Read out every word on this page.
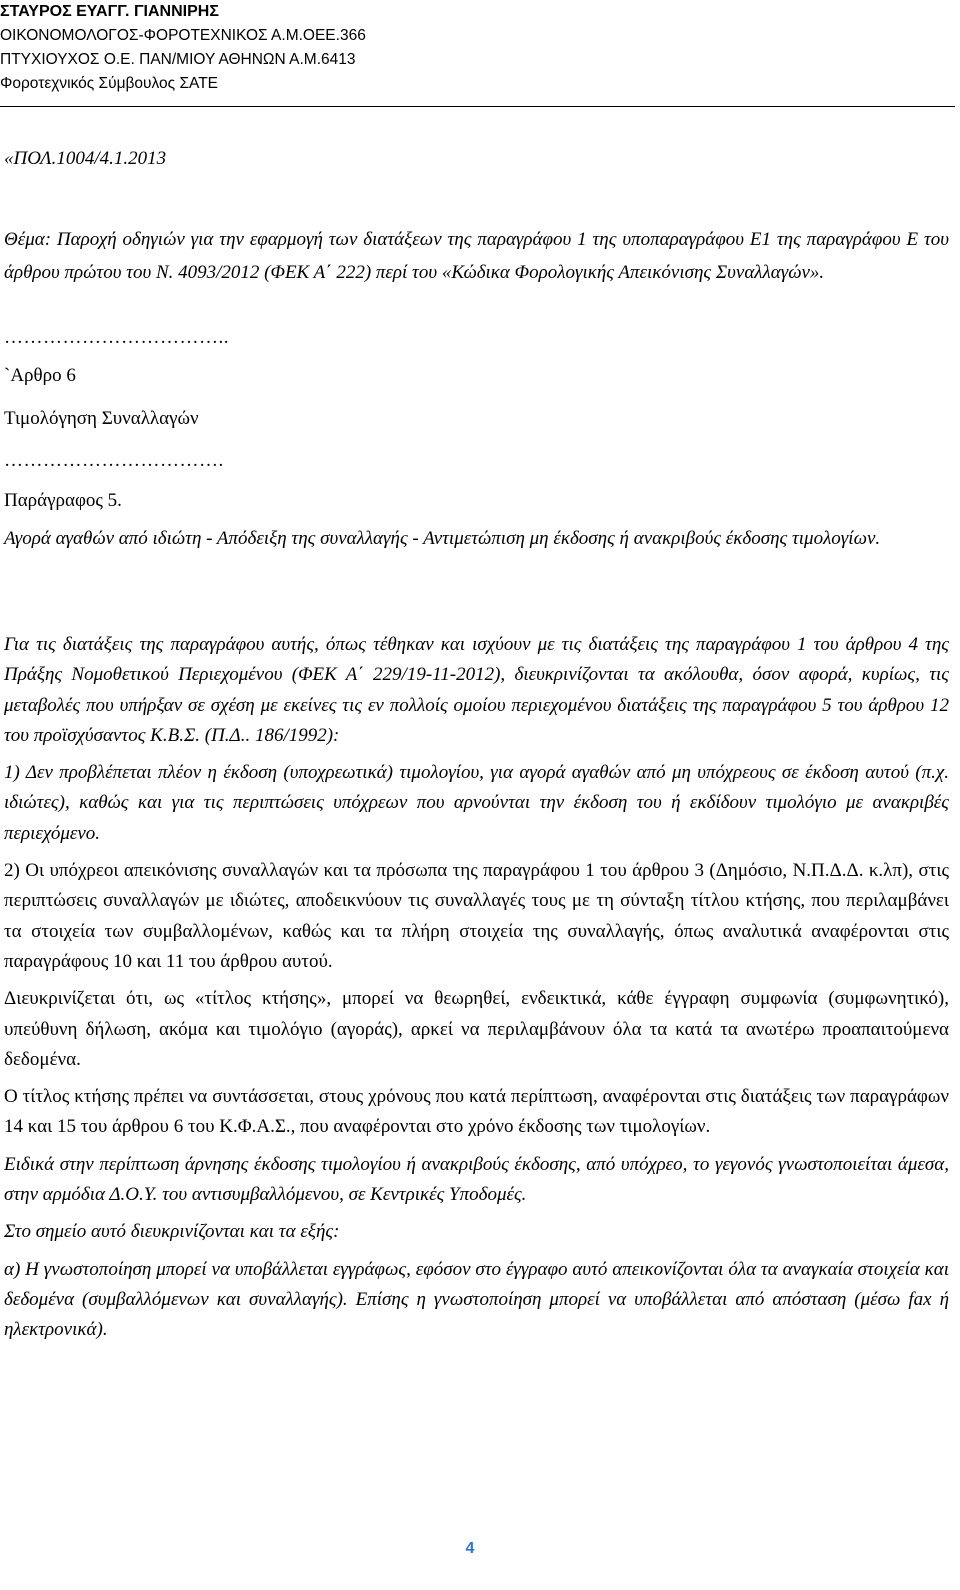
ΣΤΑΥΡΟΣ ΕΥΑΓΓ. ΓΙΑΝΝΙΡΗΣ
ΟΙΚΟΝΟΜΟΛΟΓΟΣ-ΦΟΡΟΤΕΧΝΙΚΟΣ Α.Μ.ΟΕΕ.366
ΠΤΥΧΙΟΥΧΟΣ Ο.Ε. ΠΑΝ/ΜΙΟΥ ΑΘΗΝΩΝ Α.Μ.6413
Φοροτεχνικός Σύμβουλος ΣΑΤΕ
«ΠΟΛ.1004/4.1.2013
Θέμα: Παροχή οδηγιών για την εφαρμογή των διατάξεων της παραγράφου 1 της υποπαραγράφου Ε1 της παραγράφου Ε του άρθρου πρώτου του Ν. 4093/2012 (ΦΕΚ Α΄ 222) περί του «Κώδικα Φορολογικής Απεικόνισης Συναλλαγών».
……………………………..
`Αρθρο 6
Τιμολόγηση Συναλλαγών
…………………………….
Παράγραφος 5.
Αγορά αγαθών από ιδιώτη - Απόδειξη της συναλλαγής - Αντιμετώπιση μη έκδοσης ή ανακριβούς έκδοσης τιμολογίων.

Για τις διατάξεις της παραγράφου αυτής, όπως τέθηκαν και ισχύουν με τις διατάξεις της παραγράφου 1 του άρθρου 4 της Πράξης Νομοθετικού Περιεχομένου (ΦΕΚ Α΄ 229/19-11-2012), διευκρινίζονται τα ακόλουθα, όσον αφορά, κυρίως, τις μεταβολές που υπήρξαν σε σχέση με εκείνες τις εν πολλοίς ομοίου περιεχομένου διατάξεις της παραγράφου 5 του άρθρου 12 του προϊσχύσαντος Κ.Β.Σ. (Π.Δ.. 186/1992):

1) Δεν προβλέπεται πλέον η έκδοση (υποχρεωτικά) τιμολογίου, για αγορά αγαθών από μη υπόχρεους σε έκδοση αυτού (π.χ. ιδιώτες), καθώς και για τις περιπτώσεις υπόχρεων που αρνούνται την έκδοση του ή εκδίδουν τιμολόγιο με ανακριβές περιεχόμενο.

2) Οι υπόχρεοι απεικόνισης συναλλαγών και τα πρόσωπα της παραγράφου 1 του άρθρου 3 (Δημόσιο, Ν.Π.Δ.Δ. κ.λπ), στις περιπτώσεις συναλλαγών με ιδιώτες, αποδεικνύουν τις συναλλαγές τους με τη σύνταξη τίτλου κτήσης, που περιλαμβάνει τα στοιχεία των συμβαλλομένων, καθώς και τα πλήρη στοιχεία της συναλλαγής, όπως αναλυτικά αναφέρονται στις παραγράφους 10 και 11 του άρθρου αυτού.

Διευκρινίζεται ότι, ως «τίτλος κτήσης», μπορεί να θεωρηθεί, ενδεικτικά, κάθε έγγραφη συμφωνία (συμφωνητικό), υπεύθυνη δήλωση, ακόμα και τιμολόγιο (αγοράς), αρκεί να περιλαμβάνουν όλα τα κατά τα ανωτέρω προαπαιτούμενα δεδομένα.

Ο τίτλος κτήσης πρέπει να συντάσσεται, στους χρόνους που κατά περίπτωση, αναφέρονται στις διατάξεις των παραγράφων 14 και 15 του άρθρου 6 του Κ.Φ.Α.Σ., που αναφέρονται στο χρόνο έκδοσης των τιμολογίων.

Ειδικά στην περίπτωση άρνησης έκδοσης τιμολογίου ή ανακριβούς έκδοσης, από υπόχρεο, το γεγονός γνωστοποιείται άμεσα, στην αρμόδια Δ.Ο.Υ. του αντισυμβαλλόμενου, σε Κεντρικές Υποδομές.

Στο σημείο αυτό διευκρινίζονται και τα εξής:

α) Η γνωστοποίηση μπορεί να υποβάλλεται εγγράφως, εφόσον στο έγγραφο αυτό απεικονίζονται όλα τα αναγκαία στοιχεία και δεδομένα (συμβαλλόμενων και συναλλαγής). Επίσης η γνωστοποίηση μπορεί να υποβάλλεται από απόσταση (μέσω fax ή ηλεκτρονικά).

4
